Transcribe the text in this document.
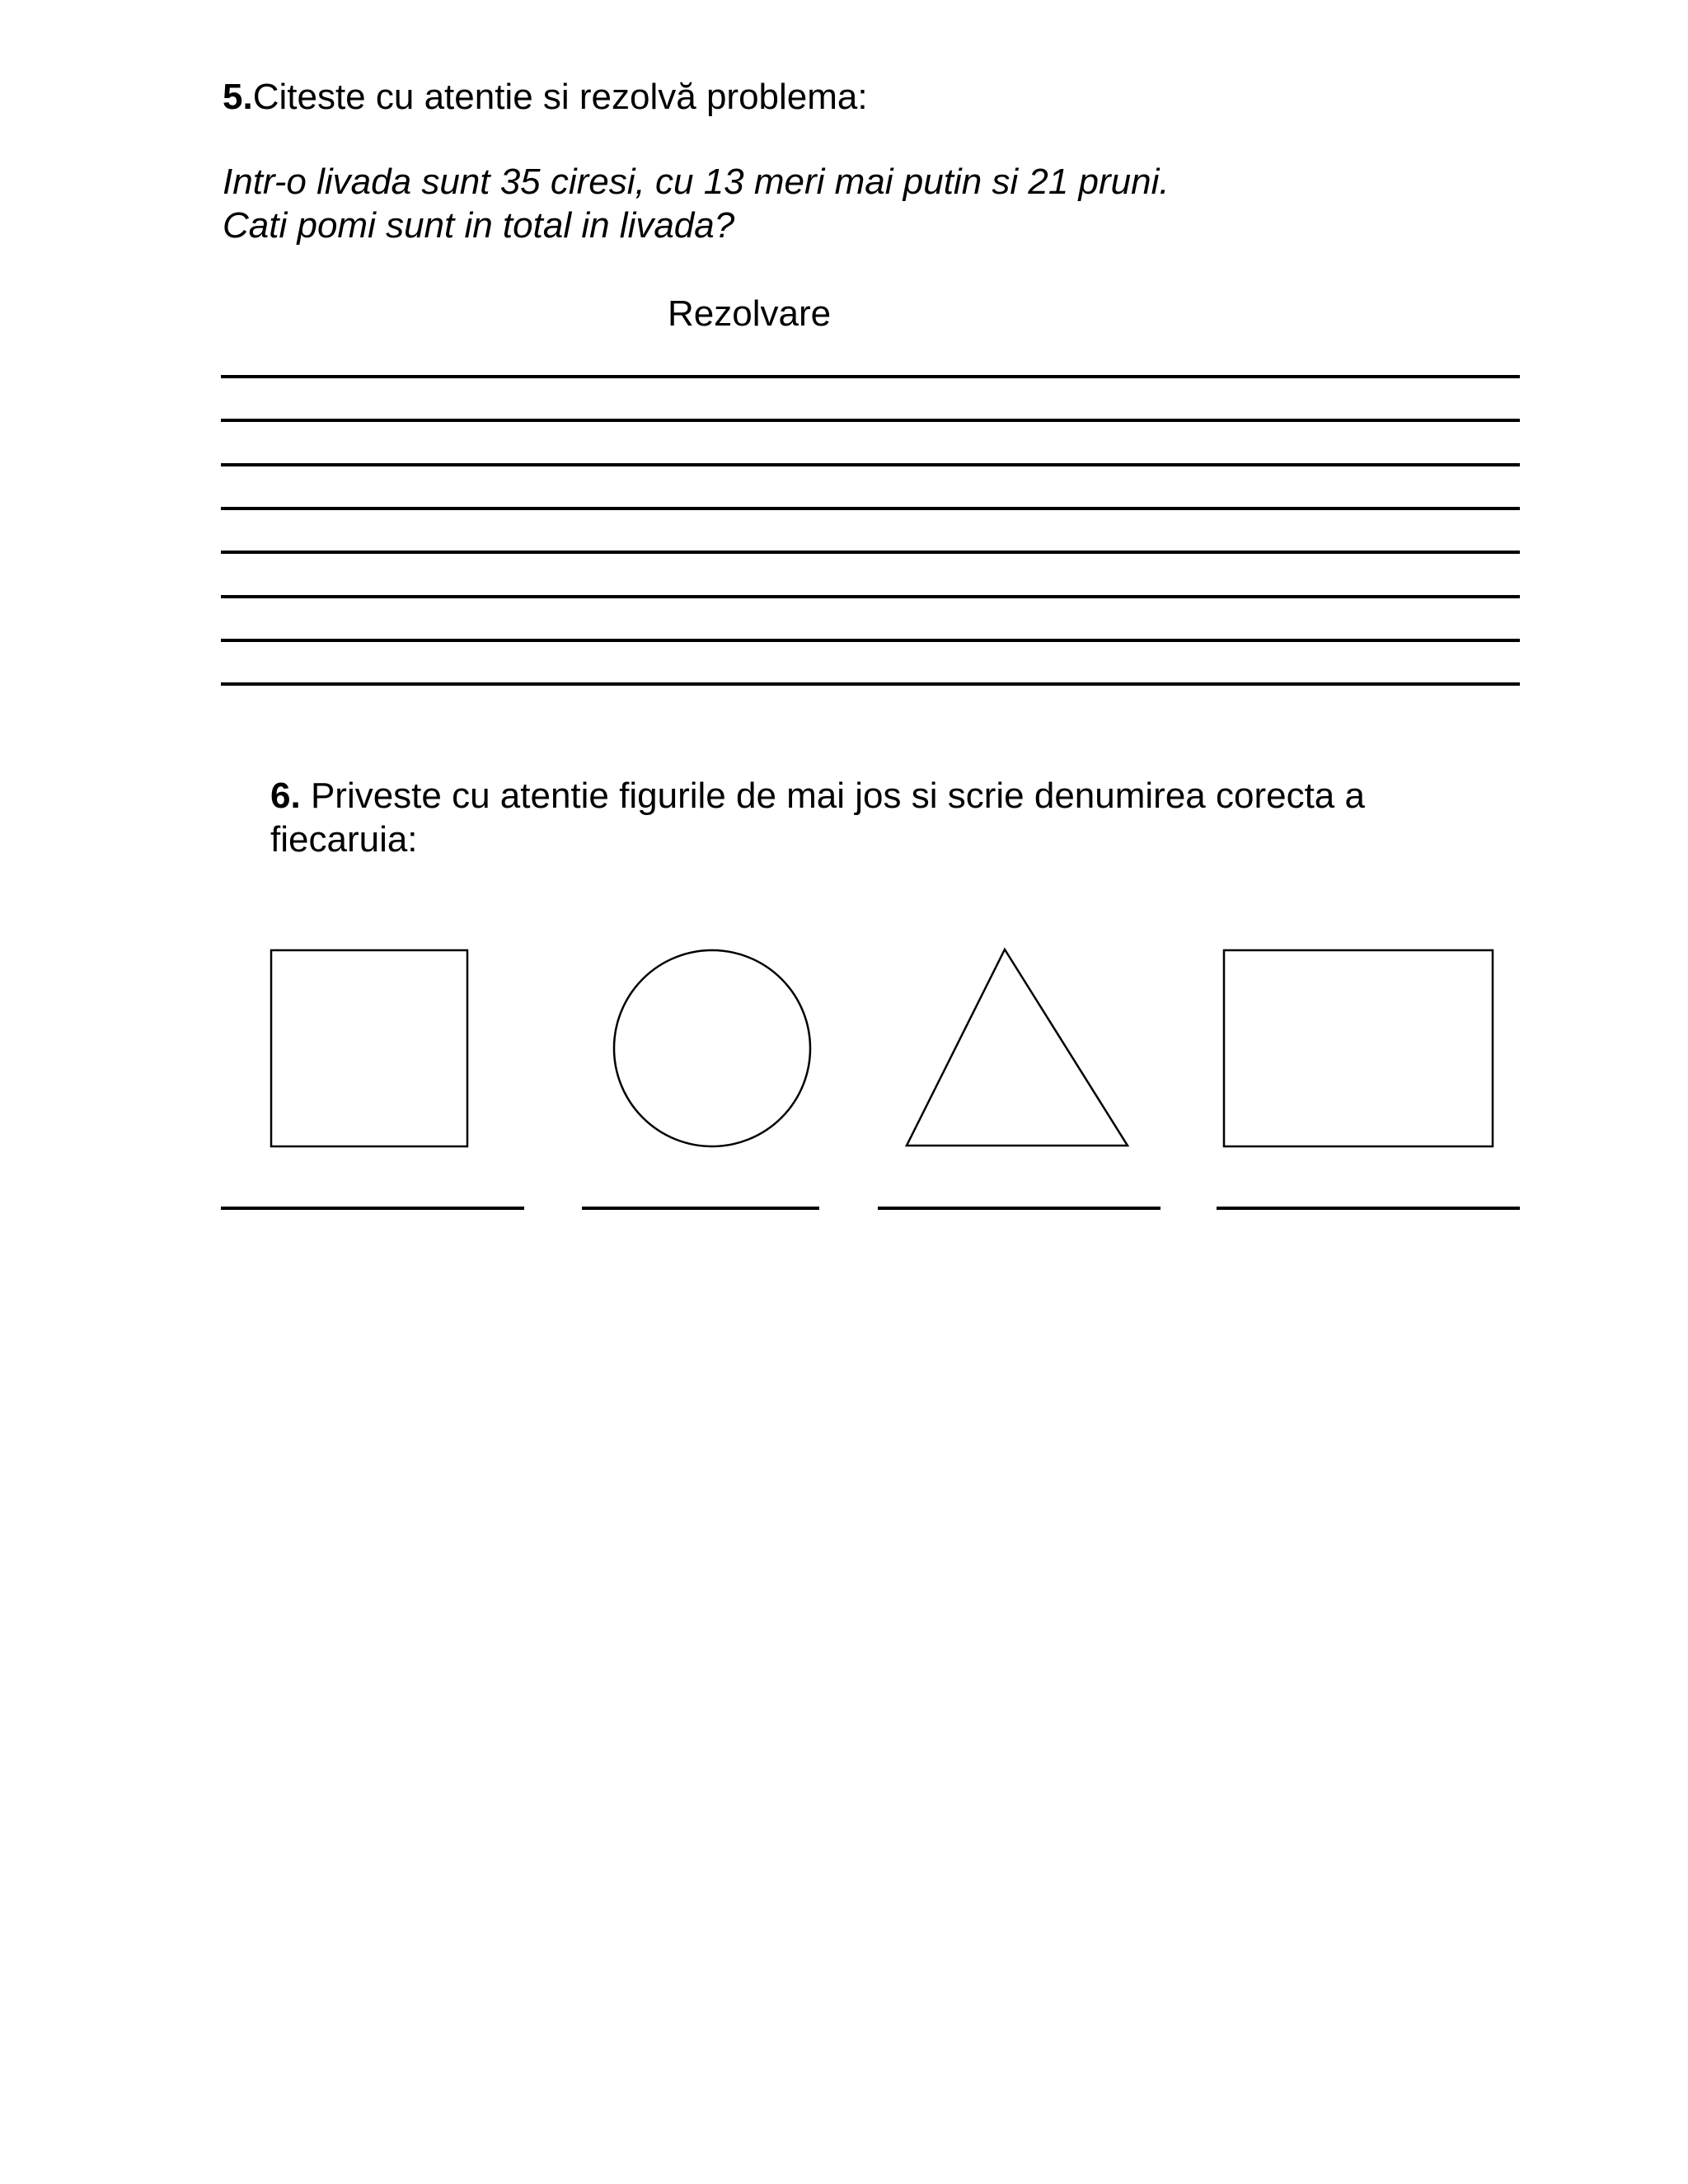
5.Citeste cu atentie si rezolvă problema:
Intr-o livada sunt 35 ciresi, cu 13 meri mai putin si 21 pruni.
Cati pomi sunt in total in livada?
Rezolvare
6. Priveste cu atentie figurile de mai jos si scrie denumirea corecta a
fiecaruia:
